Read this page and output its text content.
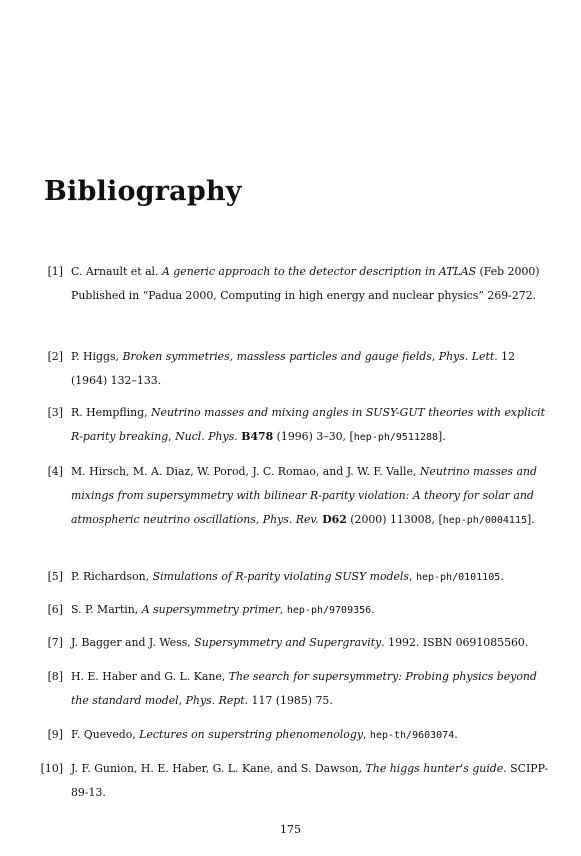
Bibliography
[1] C. Arnault et al. A generic approach to the detector description in ATLAS (Feb 2000) Published in “Padua 2000, Computing in high energy and nuclear physics” 269-272.
[2] P. Higgs, Broken symmetries, massless particles and gauge fields, Phys. Lett. 12 (1964) 132–133.
[3] R. Hempfling, Neutrino masses and mixing angles in SUSY-GUT theories with explicit R-parity breaking, Nucl. Phys. B478 (1996) 3–30, [hep-ph/9511288].
[4] M. Hirsch, M. A. Diaz, W. Porod, J. C. Romao, and J. W. F. Valle, Neutrino masses and mixings from supersymmetry with bilinear R-parity violation: A theory for solar and atmospheric neutrino oscillations, Phys. Rev. D62 (2000) 113008, [hep-ph/0004115].
[5] P. Richardson, Simulations of R-parity violating SUSY models, hep-ph/0101105.
[6] S. P. Martin, A supersymmetry primer, hep-ph/9709356.
[7] J. Bagger and J. Wess, Supersymmetry and Supergravity. 1992. ISBN 0691085560.
[8] H. E. Haber and G. L. Kane, The search for supersymmetry: Probing physics beyond the standard model, Phys. Rept. 117 (1985) 75.
[9] F. Quevedo, Lectures on superstring phenomenology, hep-th/9603074.
[10] J. F. Gunion, H. E. Haber, G. L. Kane, and S. Dawson, The higgs hunter's guide. SCIPP-89-13.
175
